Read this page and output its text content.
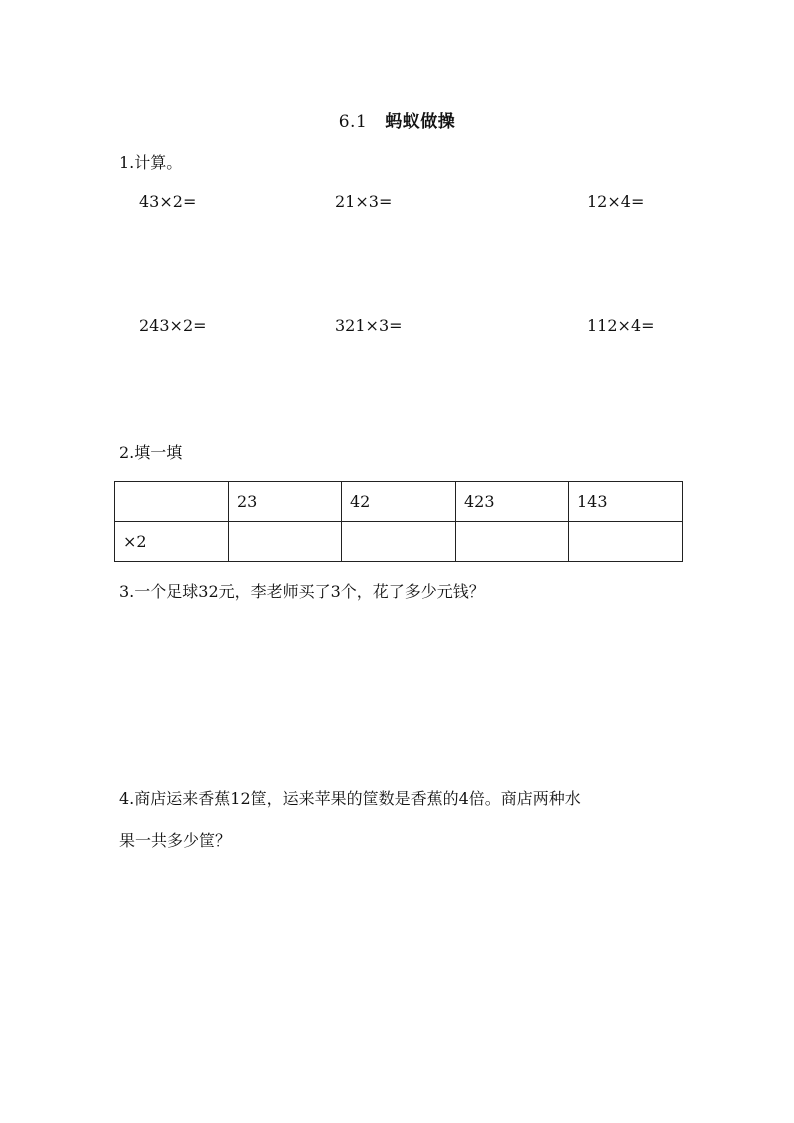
6.1 蚂蚁做操
1.计算。
43×2=	21×3=	12×4=
243×2=	321×3=	112×4=
2.填一填
	23	42	423	143
×2				
3.一个足球32元，李老师买了3个，花了多少元钱？
4.商店运来香蕉12筐，运来苹果的筐数是香蕉的4倍。商店两种水
果一共多少筐？
